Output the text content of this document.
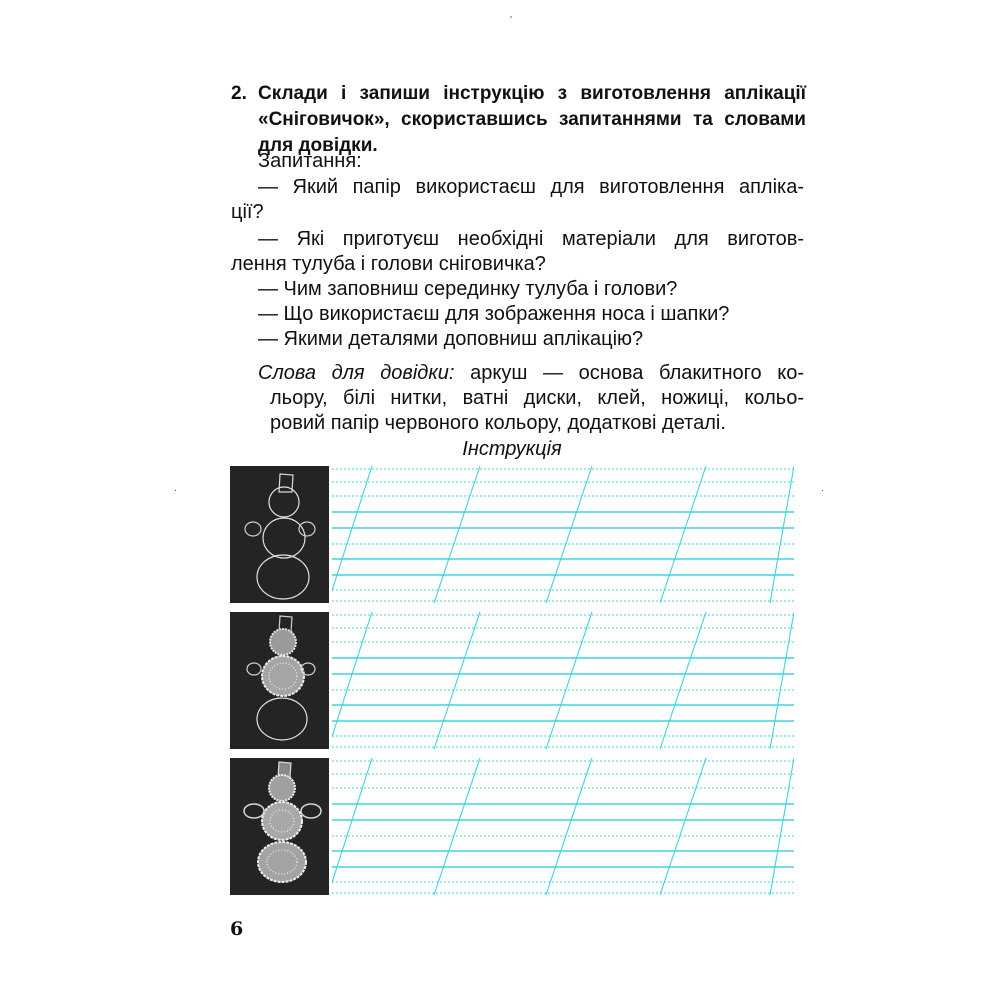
'
.	.
2. Склади і запиши інструкцію з виготовлення аплікації «Сніговичок», скориставшись запитаннями та словами для довідки.
Запитання:
— Який папір використаєш для виготовлення апліка-
ції?
— Які приготуєш необхідні матеріали для виготов-
лення тулуба і голови сніговичка?
— Чим заповниш серединку тулуба і голови?
— Що використаєш для зображення носа і шапки?
— Якими деталями доповниш аплікацію?
Слова для довідки: аркуш — основа блакитного ко-
льору, білі нитки, ватні диски, клей, ножиці, кольо-
ровий папір червоного кольору, додаткові деталі.
Інструкція
6
